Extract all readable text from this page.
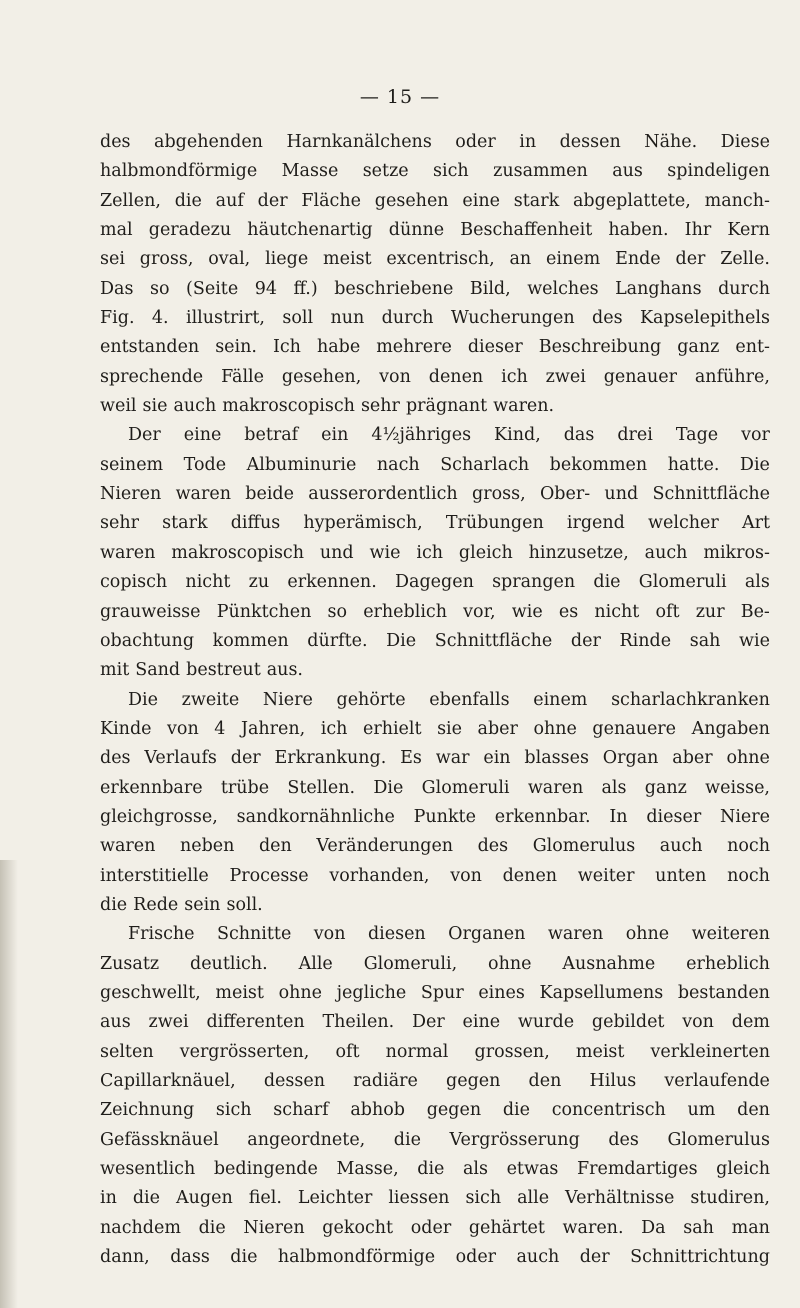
— 15 —
des abgehenden Harnkanälchens oder in dessen Nähe. Diese
halbmondförmige Masse setze sich zusammen aus spindeligen
Zellen, die auf der Fläche gesehen eine stark abgeplattete, manch-
mal geradezu häutchenartig dünne Beschaffenheit haben. Ihr Kern
sei gross, oval, liege meist excentrisch, an einem Ende der Zelle.
Das so (Seite 94 ff.) beschriebene Bild, welches Langhans durch
Fig. 4. illustrirt, soll nun durch Wucherungen des Kapselepithels
entstanden sein. Ich habe mehrere dieser Beschreibung ganz ent-
sprechende Fälle gesehen, von denen ich zwei genauer anführe,
weil sie auch makroscopisch sehr prägnant waren.
Der eine betraf ein 4½jähriges Kind, das drei Tage vor
seinem Tode Albuminurie nach Scharlach bekommen hatte. Die
Nieren waren beide ausserordentlich gross, Ober- und Schnittfläche
sehr stark diffus hyperämisch, Trübungen irgend welcher Art
waren makroscopisch und wie ich gleich hinzusetze, auch mikros-
copisch nicht zu erkennen. Dagegen sprangen die Glomeruli als
grauweisse Pünktchen so erheblich vor, wie es nicht oft zur Be-
obachtung kommen dürfte. Die Schnittfläche der Rinde sah wie
mit Sand bestreut aus.
Die zweite Niere gehörte ebenfalls einem scharlachkranken
Kinde von 4 Jahren, ich erhielt sie aber ohne genauere Angaben
des Verlaufs der Erkrankung. Es war ein blasses Organ aber ohne
erkennbare trübe Stellen. Die Glomeruli waren als ganz weisse,
gleichgrosse, sandkornähnliche Punkte erkennbar. In dieser Niere
waren neben den Veränderungen des Glomerulus auch noch
interstitielle Processe vorhanden, von denen weiter unten noch
die Rede sein soll.
Frische Schnitte von diesen Organen waren ohne weiteren
Zusatz deutlich. Alle Glomeruli, ohne Ausnahme erheblich
geschwellt, meist ohne jegliche Spur eines Kapsellumens bestanden
aus zwei differenten Theilen. Der eine wurde gebildet von dem
selten vergrösserten, oft normal grossen, meist verkleinerten
Capillarknäuel, dessen radiäre gegen den Hilus verlaufende
Zeichnung sich scharf abhob gegen die concentrisch um den
Gefässknäuel angeordnete, die Vergrösserung des Glomerulus
wesentlich bedingende Masse, die als etwas Fremdartiges gleich
in die Augen fiel. Leichter liessen sich alle Verhältnisse studiren,
nachdem die Nieren gekocht oder gehärtet waren. Da sah man
dann, dass die halbmondförmige oder auch der Schnittrichtung
